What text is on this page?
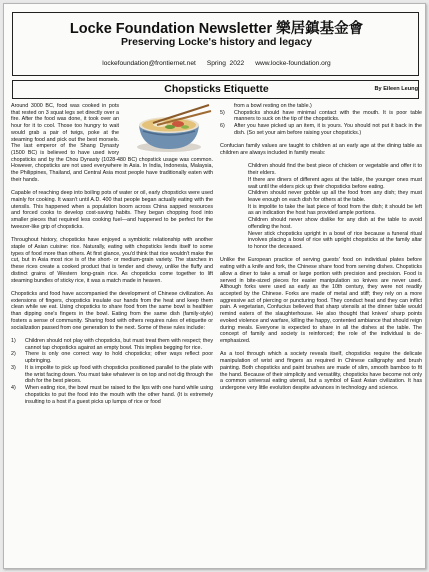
Locke Foundation Newsletter 樂居鎮基金會
Preserving Locke's history and legacy
lockefoundation@frontiernet.net      Spring  2022      www.locke-foundation.org
Chopsticks Etiquette	By Eileen Leung

Around 3000 BC, food was cooked in pots that rested on 3 squat legs set directly over a fire. After the food was done, it took over an hour for it to cool. Those too hungry to wait would grab a pair of twigs, poke at the steaming food and pick out the best morsels. The last emperor of the Shang Dynasty (1500 BC) is believed to have used ivory chopsticks and by the Chou Dynasty (1028-480 BC) chopstick usage was common. However, chopsticks are not used everywhere in Asia. In India, Indonesia, Malaysia, the Philippines, Thailand, and Central Asia most people have traditionally eaten with their hands.

Capable of reaching deep into boiling pots of water or oil, early chopsticks were used mainly for cooking. It wasn't until A.D. 400 that people began actually eating with the utensils. This happened when a population boom across China sapped resources and forced cooks to develop cost-saving habits. They began chopping food into smaller pieces that required less cooking fuel—and happened to be perfect for the tweezer-like grip of chopsticks.

Throughout history, chopsticks have enjoyed a symbiotic relationship with another staple of Asian cuisine: rice. Naturally, eating with chopsticks lends itself to some types of food more than others. At first glance, you'd think that rice wouldn't make the cut, but in Asia most rice is of the short- or medium-grain variety. The starches in these rices create a cooked product that is tender and chewy, unlike the fluffy and distinct grains of Western long-grain rice. As chopsticks come together to lift steaming bundles of sticky rice, it was a match made in heaven.

Chopsticks and food have accompanied the development of Chinese civilization. As extensions of fingers, chopsticks insulate our hands from the heat and keep them clean while we eat. Using chopsticks to share food from the same bowl is healthier than dipping one's fingers in the bowl. Eating from the same dish (family-style) fosters a sense of community. Sharing food with others requires rules of etiquette or socialization passed from one generation to the next. Some of these rules include:

1) Children should not play with chopsticks, but must treat them with respect; they cannot tap chopsticks against an empty bowl. This implies begging for rice.
2) There is only one correct way to hold chopsticks; other ways reflect poor upbringing.
3) It is impolite to pick up food with chopsticks positioned parallel to the plate with the wrist facing down. You must take whatever is on top and not dig through the dish for the best pieces.
4) When eating rice, the bowl must be raised to the lips with one hand while using chopsticks to put the food into the mouth with the other hand. (It is extremely insulting to a host if a guest picks up lumps of rice or food
from a bowl resting on the table.)
5) Chopsticks should have minimal contact with the mouth. It is poor table manners to suck on the tip of the chopsticks.
6) After you have picked up an item, it is yours. You should not put it back in the dish. (So set your aim before raising your chopsticks.)

Confucian family values are taught to children at an early age at the dining table as children are always included in family meals:

Children should find the best piece of chicken or vegetable and offer it to their elders.
If there are diners of different ages at the table, the younger ones must wait until the elders pick up their chopsticks before eating.
Children should never gobble up all the food from any dish; they must leave enough on each dish for others at the table.
It is impolite to take the last piece of food from the dish; it should be left as an indication the host has provided ample portions.
Children should never show dislike for any dish at the table to avoid offending the host.
Never stick chopsticks upright in a bowl of rice because a funeral ritual involves placing a bowl of rice with upright chopsticks at the family altar to honor the deceased.

Unlike the European practice of serving guests' food on individual plates before eating with a knife and fork, the Chinese share food from serving dishes. Chopsticks allow a diner to take a small or large portion with precision and precision. Food is served in bite-sized pieces for easier manipulation so knives are never used. Although forks were used as early as the 10th century, they were not readily accepted by the Chinese. Forks are made of metal and stiff; they rely on a more aggressive act of piercing or puncturing food. They conduct heat and they can inflict pain. A vegetarian, Confucius believed that sharp utensils at the dinner table would remind eaters of the slaughterhouse. He also thought that knives' sharp points evoked violence and warfare, killing the happy, contented ambiance that should reign during meals. Everyone is expected to share in all the dishes at the table. The concept of family and society is reinforced; the role of the individual is de-emphasized.

As a tool through which a society reveals itself, chopsticks require the delicate manipulation of wrist and fingers as required in Chinese calligraphy and brush painting. Both chopsticks and paint brushes are made of slim, smooth bamboo to fit the hand. Because of their simplicity and versatility, chopsticks have become not only a common universal eating utensil, but a symbol of East Asian civilization. It has undergone very little evolution despite advances in technology and science.
